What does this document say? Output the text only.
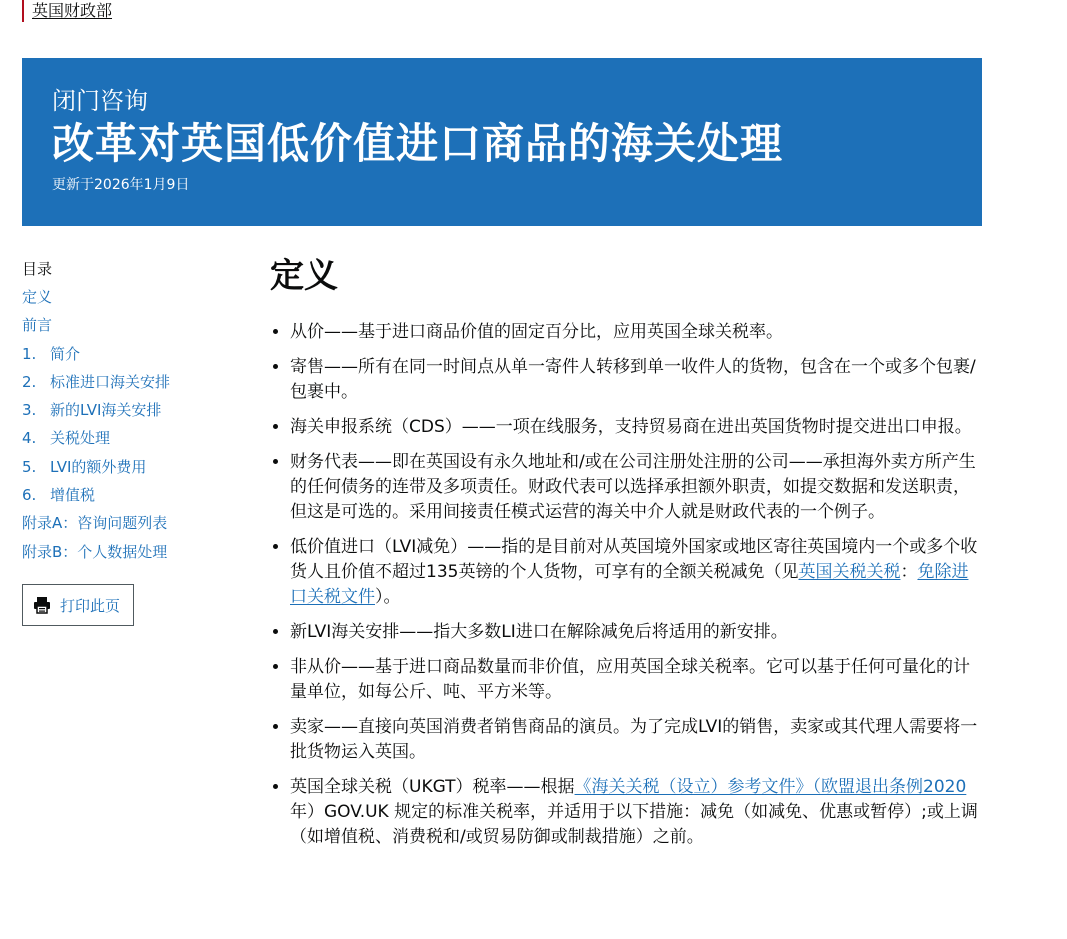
英国财政部

闭门咨询

改革对英国低价值进口商品的海关处理

更新于2026年1月9日

目录
定义
前言
1. 简介
2. 标准进口海关安排
3. 新的LVI海关安排
4. 关税处理
5. LVI的额外费用
6. 增值税
附录A：咨询问题列表
附录B：个人数据处理
打印此页
定义
• 从价——基于进口商品价值的固定百分比，应用英国全球关税率。
• 寄售——所有在同一时间点从单一寄件人转移到单一收件人的货物，包含在一个或多个包裹/包裹中。
• 海关申报系统（CDS）——一项在线服务，支持贸易商在进出英国货物时提交进出口申报。
• 财务代表——即在英国设有永久地址和/或在公司注册处注册的公司——承担海外卖方所产生的任何债务的连带及多项责任。财政代表可以选择承担额外职责，如提交数据和发送职责，但这是可选的。采用间接责任模式运营的海关中介人就是财政代表的一个例子。
• 低价值进口（LVI减免）——指的是目前对从英国境外国家或地区寄往英国境内一个或多个收货人且价值不超过135英镑的个人货物，可享有的全额关税减免（见英国关税关税：免除进口关税文件）。
• 新LVI海关安排——指大多数LI进口在解除减免后将适用的新安排。
• 非从价——基于进口商品数量而非价值，应用英国全球关税率。它可以基于任何可量化的计量单位，如每公斤、吨、平方米等。
• 卖家——直接向英国消费者销售商品的演员。为了完成LVI的销售，卖家或其代理人需要将一批货物运入英国。
• 英国全球关税（UKGT）税率——根据《海关关税（设立）参考文件》（欧盟退出条例2020年）GOV.UK 规定的标准关税率，并适用于以下措施：减免（如减免、优惠或暂停）;或上调（如增值税、消费税和/或贸易防御或制裁措施）之前。
